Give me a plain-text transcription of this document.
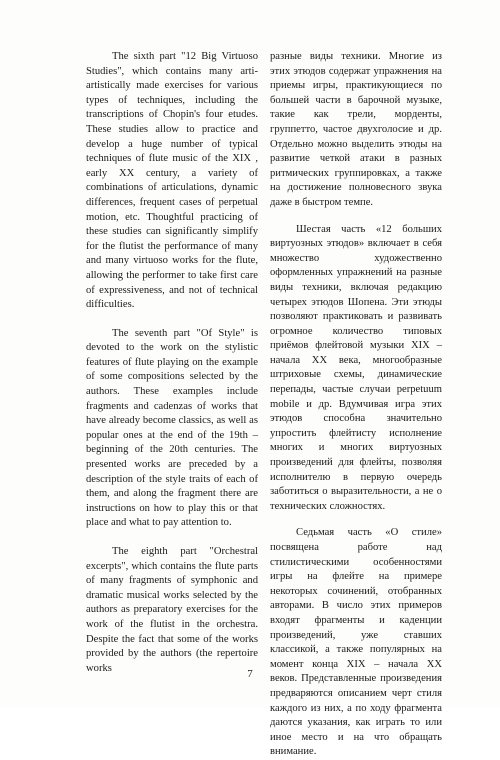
The sixth part "12 Big Virtuoso Studies", which contains many arti-artistically made exercises for various types of techniques, including the transcriptions of Chopin's four etudes. These studies allow to practice and develop a huge number of typical techniques of flute music of the XIX , early XX century, a variety of combinations of articulations, dynamic differences, frequent cases of perpetual motion, etc. Thoughtful practicing of these studies can significantly simplify for the flutist the performance of many and many virtuoso works for the flute, allowing the performer to take first care of expressiveness, and not of technical difficulties.

The seventh part "Of Style" is devoted to the work on the stylistic features of flute playing on the example of some compositions selected by the authors. These examples include fragments and cadenzas of works that have already become classics, as well as popular ones at the end of the 19th – beginning of the 20th centuries. The presented works are preceded by a description of the style traits of each of them, and along the fragment there are instructions on how to play this or that place and what to pay attention to.

The eighth part "Orchestral excerpts", which contains the flute parts of many fragments of symphonic and dramatic musical works selected by the authors as preparatory exercises for the work of the flutist in the orchestra. Despite the fact that some of the works provided by the authors (the repertoire works

разные виды техники. Многие из этих этюдов содержат упражнения на приемы игры, практикующиеся по большей части в барочной музыке, такие как трели, морденты, группетто, частое двухголосие и др. Отдельно можно выделить этюды на развитие четкой атаки в разных ритмических группировках, а также на достижение полновесного звука даже в быстром темпе.

Шестая часть «12 больших виртуозных этюдов» включает в себя множество художественно оформленных упражнений на разные виды техники, включая редакцию четырех этюдов Шопена. Эти этюды позволяют практиковать и развивать огромное количество типовых приёмов флейтовой музыки XIX – начала XX века, многообразные штриховые схемы, динамические перепады, частые случаи perpetuum mobile и др. Вдумчивая игра этих этюдов способна значительно упростить флейтисту исполнение многих и многих виртуозных произведений для флейты, позволяя исполнителю в первую очередь заботиться о выразительности, а не о технических сложностях.

Седьмая часть «О стиле» посвящена работе над стилистическими особенностями игры на флейте на примере некоторых сочинений, отобранных авторами. В число этих примеров входят фрагменты и каденции произведений, уже ставших классикой, а также популярных на момент конца XIX – начала XX веков. Представленные произведения предваряются описанием черт стиля каждого из них, а по ходу фрагмента даются указания, как играть то или иное место и на что обращать внимание.

7
